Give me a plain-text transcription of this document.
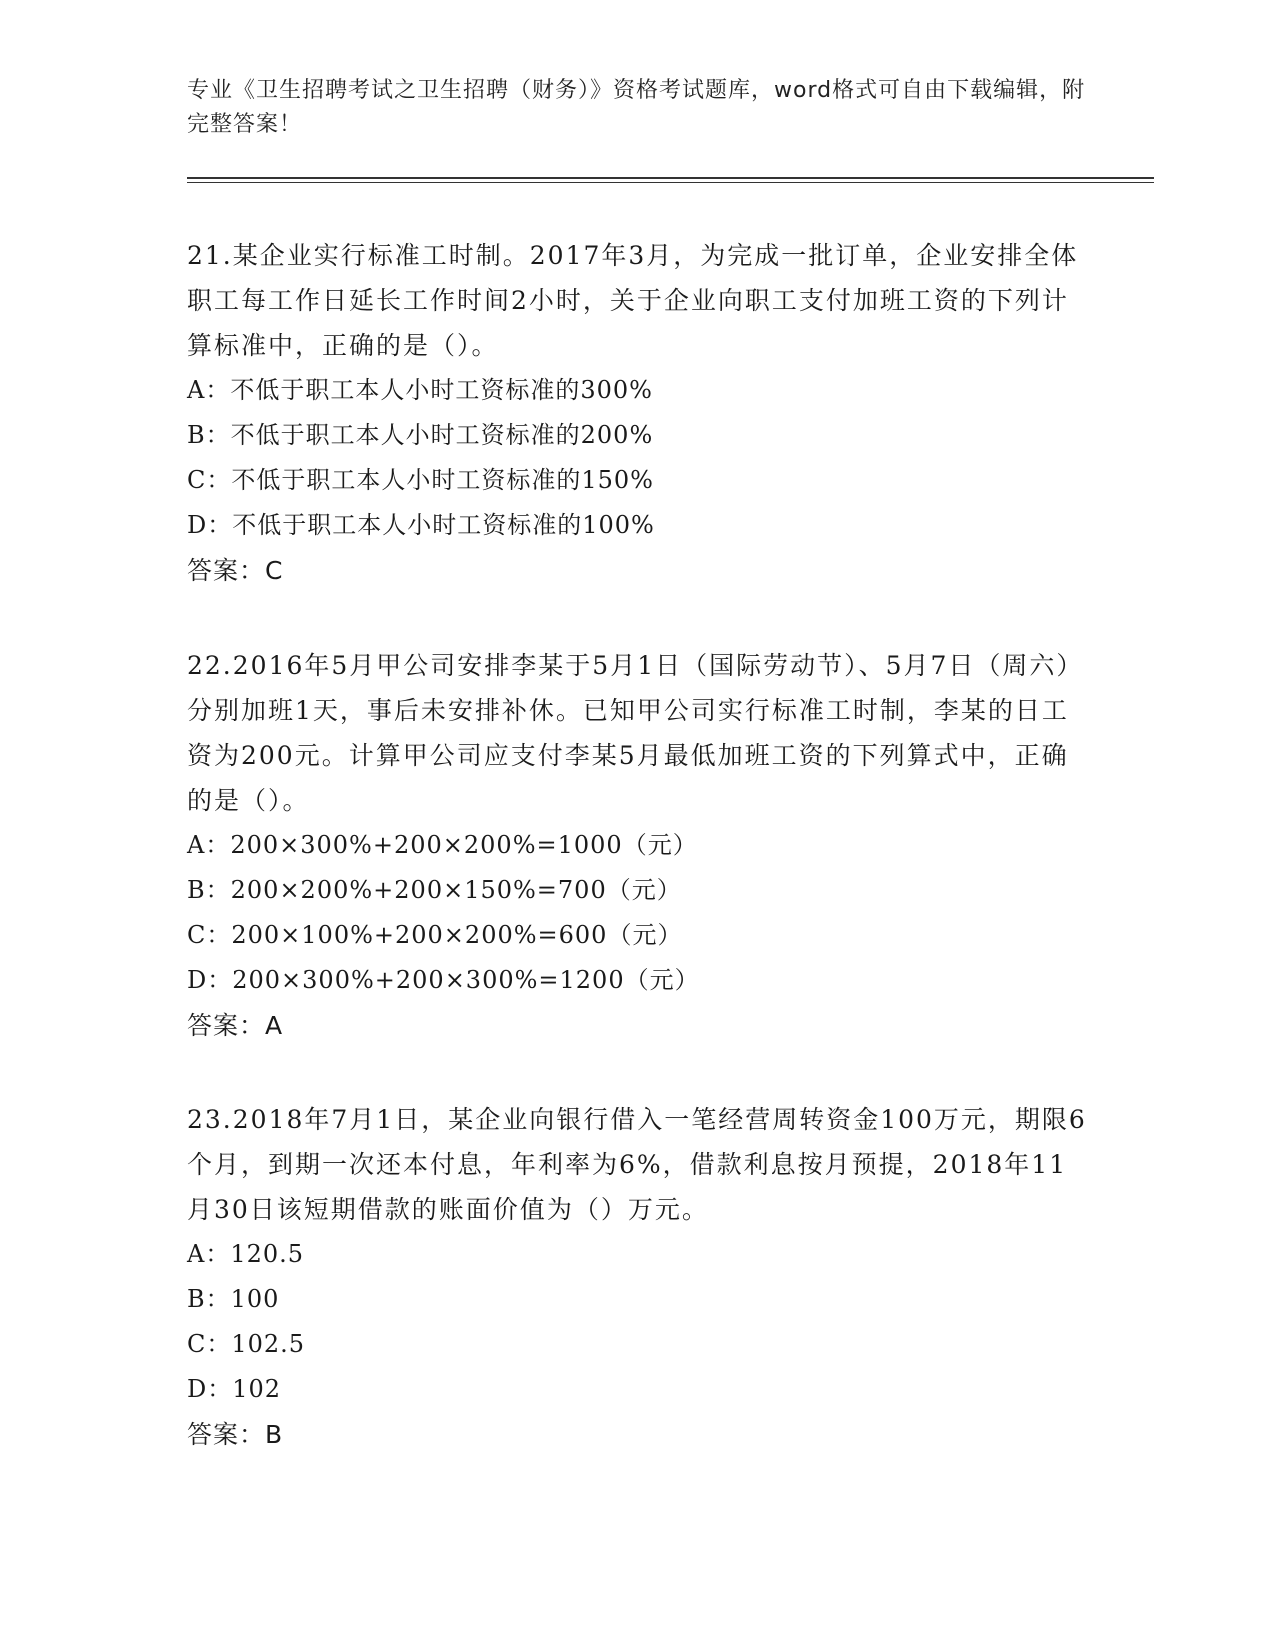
专业《卫生招聘考试之卫生招聘（财务）》资格考试题库，word格式可自由下载编辑，附完整答案！

21.某企业实行标准工时制。2017年3月，为完成一批订单，企业安排全体职工每工作日延长工作时间2小时，关于企业向职工支付加班工资的下列计算标准中，正确的是（）。

A：不低于职工本人小时工资标准的300%

B：不低于职工本人小时工资标准的200%

C：不低于职工本人小时工资标准的150%

D：不低于职工本人小时工资标准的100%

答案：C

22.2016年5月甲公司安排李某于5月1日（国际劳动节）、5月7日（周六）分别加班1天，事后未安排补休。已知甲公司实行标准工时制，李某的日工资为200元。计算甲公司应支付李某5月最低加班工资的下列算式中，正确的是（）。

A：200×300%+200×200%=1000（元）

B：200×200%+200×150%=700（元）

C：200×100%+200×200%=600（元）

D：200×300%+200×300%=1200（元）

答案：A

23.2018年7月1日，某企业向银行借入一笔经营周转资金100万元，期限6个月，到期一次还本付息，年利率为6%，借款利息按月预提，2018年11月30日该短期借款的账面价值为（）万元。

A：120.5

B：100

C：102.5

D：102

答案：B
